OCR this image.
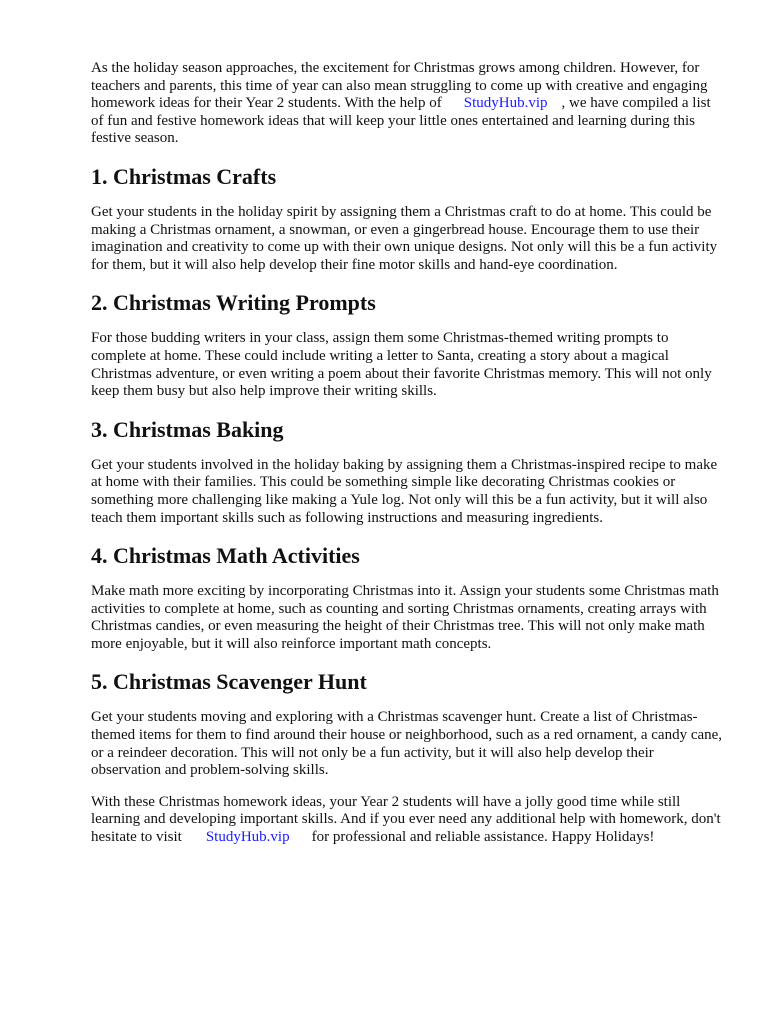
As the holiday season approaches, the excitement for Christmas grows among children. However, for teachers and parents, this time of year can also mean struggling to come up with creative and engaging homework ideas for their Year 2 students. With the help of StudyHub.vip , we have compiled a list of fun and festive homework ideas that will keep your little ones entertained and learning during this festive season.

1. Christmas Crafts

Get your students in the holiday spirit by assigning them a Christmas craft to do at home. This could be making a Christmas ornament, a snowman, or even a gingerbread house. Encourage them to use their imagination and creativity to come up with their own unique designs. Not only will this be a fun activity for them, but it will also help develop their fine motor skills and hand-eye coordination.

2. Christmas Writing Prompts

For those budding writers in your class, assign them some Christmas-themed writing prompts to complete at home. These could include writing a letter to Santa, creating a story about a magical Christmas adventure, or even writing a poem about their favorite Christmas memory. This will not only keep them busy but also help improve their writing skills.

3. Christmas Baking

Get your students involved in the holiday baking by assigning them a Christmas-inspired recipe to make at home with their families. This could be something simple like decorating Christmas cookies or something more challenging like making a Yule log. Not only will this be a fun activity, but it will also teach them important skills such as following instructions and measuring ingredients.

4. Christmas Math Activities

Make math more exciting by incorporating Christmas into it. Assign your students some Christmas math activities to complete at home, such as counting and sorting Christmas ornaments, creating arrays with Christmas candies, or even measuring the height of their Christmas tree. This will not only make math more enjoyable, but it will also reinforce important math concepts.

5. Christmas Scavenger Hunt

Get your students moving and exploring with a Christmas scavenger hunt. Create a list of Christmas-themed items for them to find around their house or neighborhood, such as a red ornament, a candy cane, or a reindeer decoration. This will not only be a fun activity, but it will also help develop their observation and problem-solving skills.

With these Christmas homework ideas, your Year 2 students will have a jolly good time while still learning and developing important skills. And if you ever need any additional help with homework, don't hesitate to visit StudyHub.vip for professional and reliable assistance. Happy Holidays!
